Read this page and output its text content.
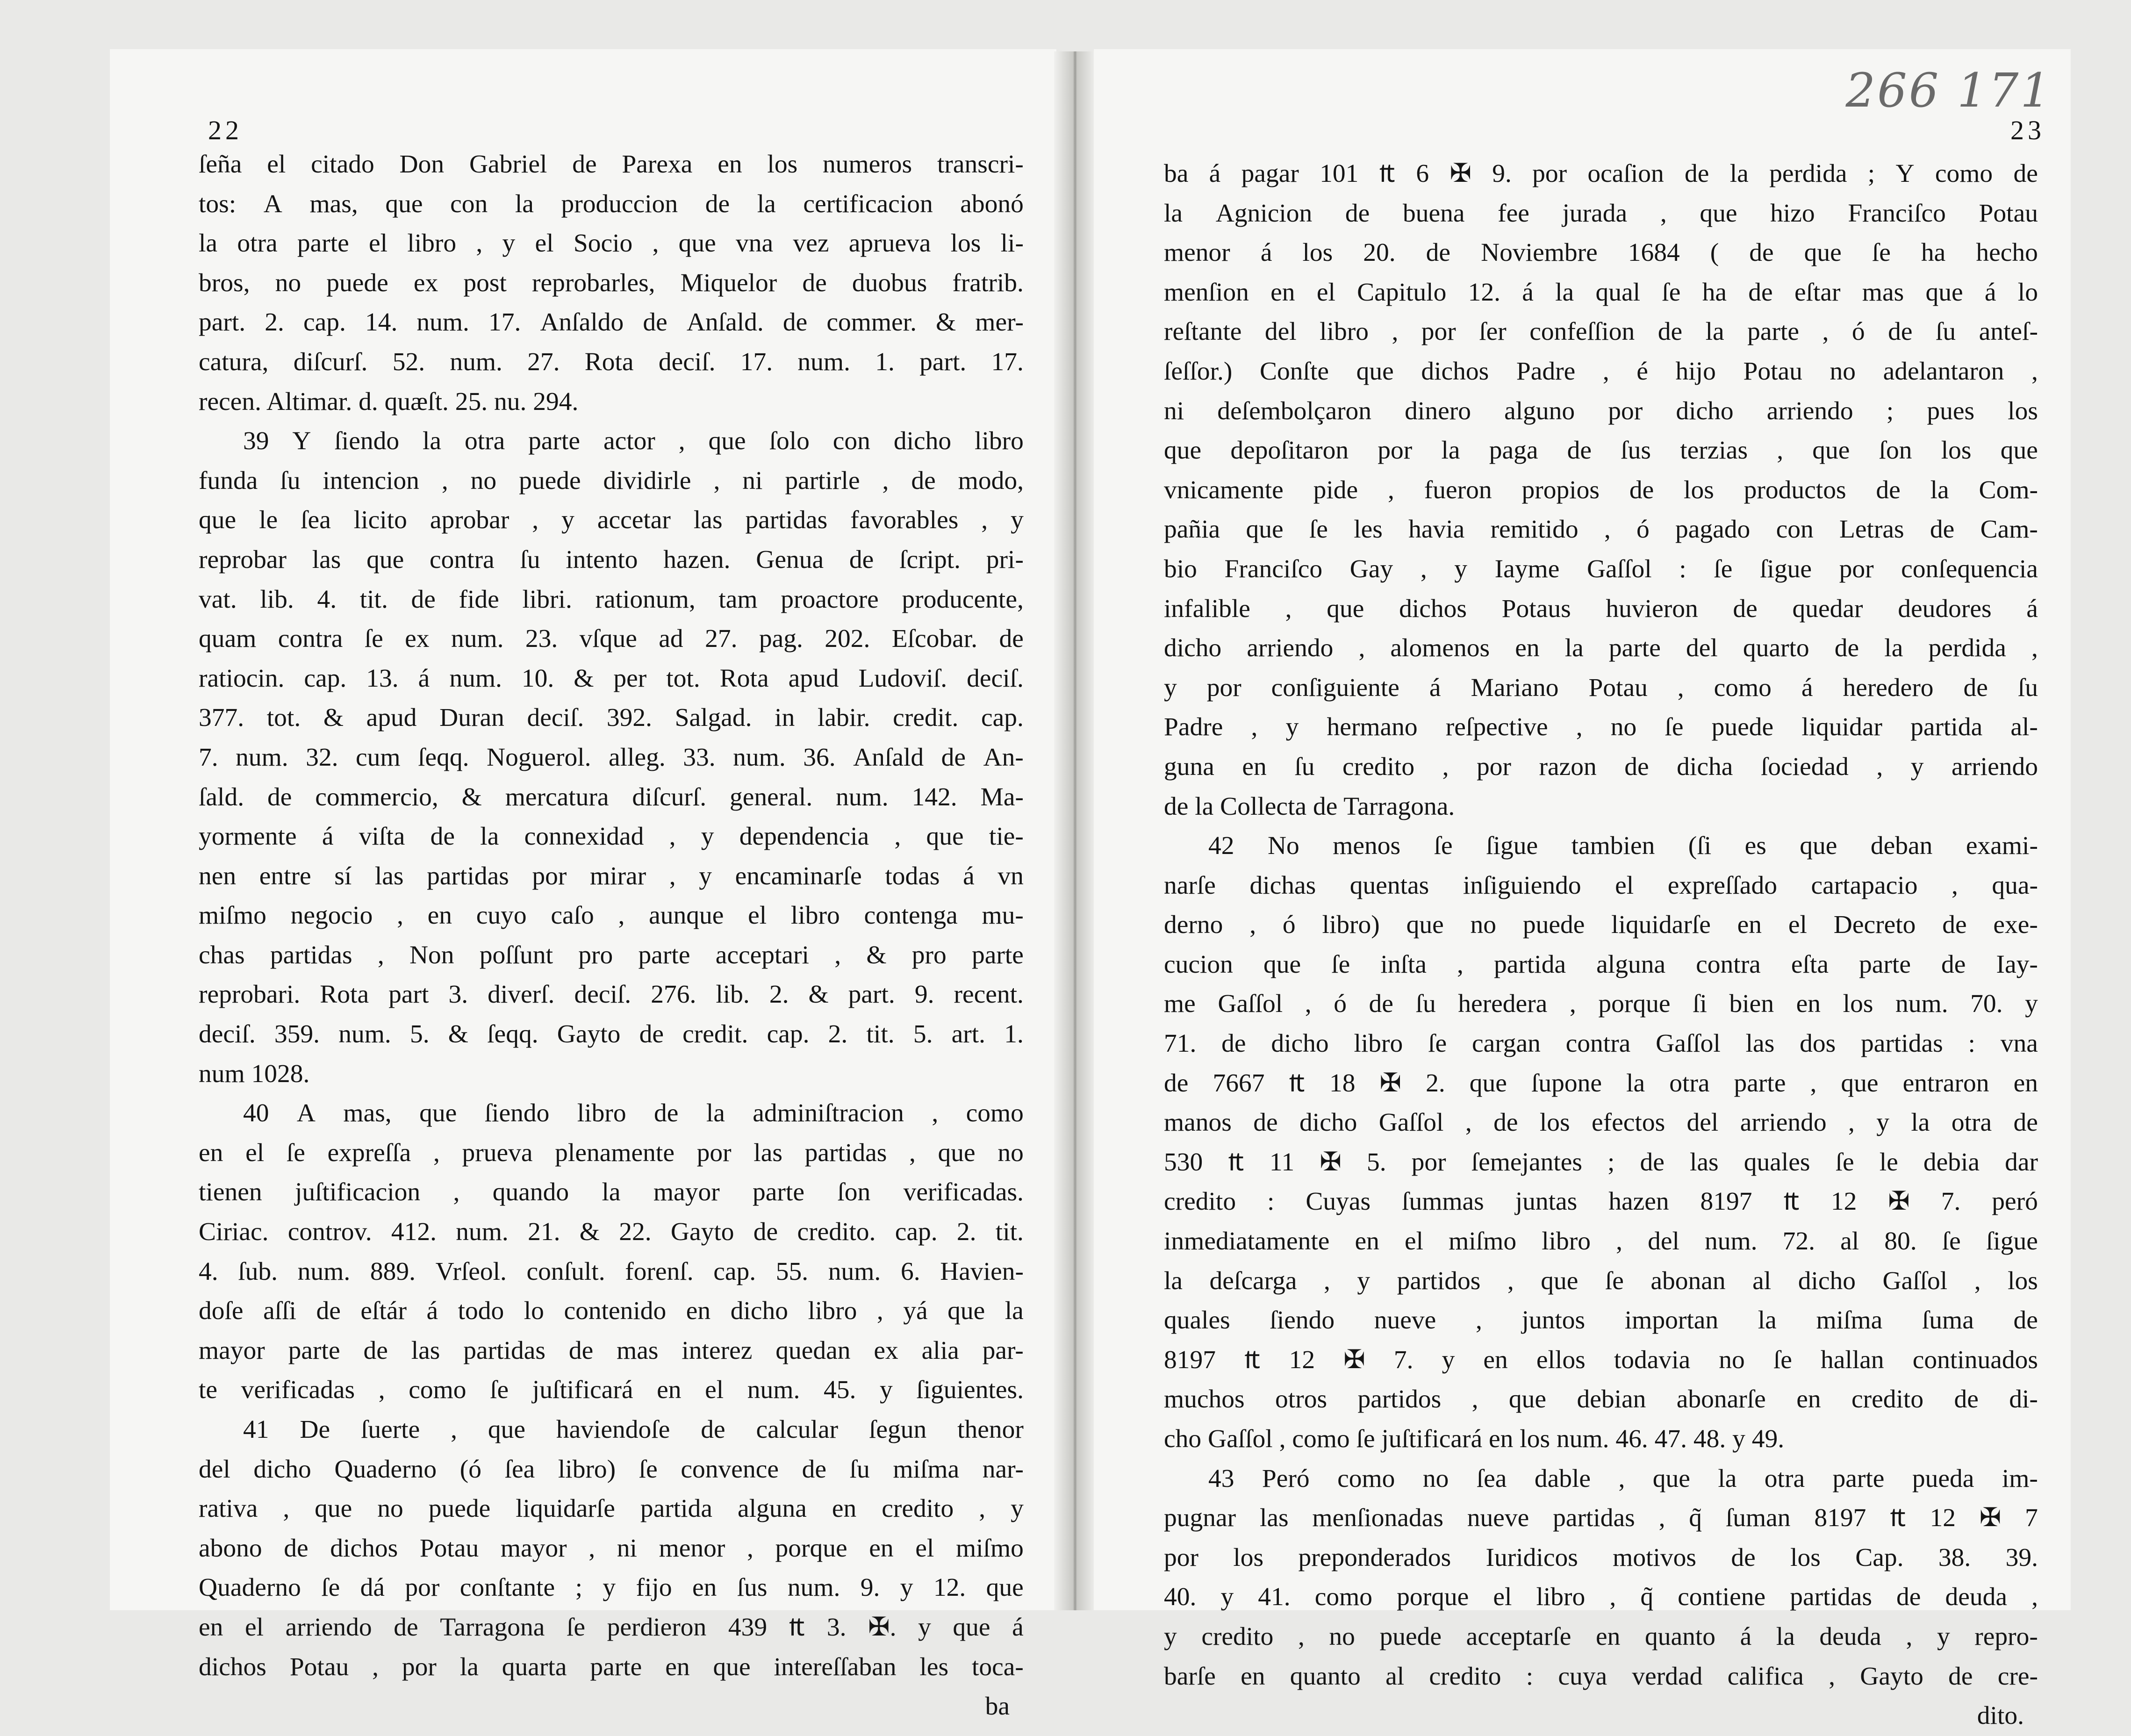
22
ſeña el citado Don Gabriel de Parexa en los numeros transcri-
tos: A mas, que con la produccion de la certificacion abonó
la otra parte el libro , y el Socio , que vna vez aprueva los li-
bros, no puede ex post reprobarles, Miquelor de duobus fratrib.
part. 2. cap. 14. num. 17. Anſaldo de Anſald. de commer. & mer-
catura, diſcurſ. 52. num. 27. Rota deciſ. 17. num. 1. part. 17.
recen. Altimar. d. quæſt. 25. nu. 294.
39 Y ſiendo la otra parte actor , que ſolo con dicho libro
funda ſu intencion , no puede dividirle , ni partirle , de modo,
que le ſea licito aprobar , y accetar las partidas favorables , y
reprobar las que contra ſu intento hazen. Genua de ſcript. pri-
vat. lib. 4. tit. de fide libri. rationum, tam proactore producente,
quam contra ſe ex num. 23. vſque ad 27. pag. 202. Eſcobar. de
ratiocin. cap. 13. á num. 10. & per tot. Rota apud Ludoviſ. deciſ.
377. tot. & apud Duran deciſ. 392. Salgad. in labir. credit. cap.
7. num. 32. cum ſeqq. Noguerol. alleg. 33. num. 36. Anſald de An-
ſald. de commercio, & mercatura diſcurſ. general. num. 142. Ma-
yormente á viſta de la connexidad , y dependencia , que tie-
nen entre sí las partidas por mirar , y encaminarſe todas á vn
miſmo negocio , en cuyo caſo , aunque el libro contenga mu-
chas partidas , Non poſſunt pro parte acceptari , & pro parte
reprobari. Rota part 3. diverſ. deciſ. 276. lib. 2. & part. 9. recent.
deciſ. 359. num. 5. & ſeqq. Gayto de credit. cap. 2. tit. 5. art. 1.
num 1028.
40 A mas, que ſiendo libro de la adminiſtracion , como
en el ſe expreſſa , prueva plenamente por las partidas , que no
tienen juſtificacion , quando la mayor parte ſon verificadas.
Ciriac. controv. 412. num. 21. & 22. Gayto de credito. cap. 2. tit.
4. ſub. num. 889. Vrſeol. conſult. forenſ. cap. 55. num. 6. Havien-
doſe aſſi de eſtár á todo lo contenido en dicho libro , yá que la
mayor parte de las partidas de mas interez quedan ex alia par-
te verificadas , como ſe juſtificará en el num. 45. y ſiguientes.
41 De ſuerte , que haviendoſe de calcular ſegun thenor
del dicho Quaderno (ó ſea libro) ſe convence de ſu miſma nar-
rativa , que no puede liquidarſe partida alguna en credito , y
abono de dichos Potau mayor , ni menor , porque en el miſmo
Quaderno ſe dá por conſtante ; y fijo en ſus num. 9. y 12. que
en el arriendo de Tarragona ſe perdieron 439 ₶ 3. ✠. y que á
dichos Potau , por la quarta parte en que intereſſaban les toca-
ba
266 171
23
ba á pagar 101 ₶ 6 ✠ 9. por ocaſion de la perdida ; Y como de
la Agnicion de buena fee jurada , que hizo Franciſco Potau
menor á los 20. de Noviembre 1684 ( de que ſe ha hecho
menſion en el Capitulo 12. á la qual ſe ha de eſtar mas que á lo
reſtante del libro , por ſer confeſſion de la parte , ó de ſu anteſ-
ſeſſor.) Conſte que dichos Padre , é hijo Potau no adelantaron ,
ni deſembolçaron dinero alguno por dicho arriendo ; pues los
que depoſitaron por la paga de ſus terzias , que ſon los que
vnicamente pide , fueron propios de los productos de la Com-
pañia que ſe les havia remitido , ó pagado con Letras de Cam-
bio Franciſco Gay , y Iayme Gaſſol : ſe ſigue por conſequencia
infalible , que dichos Potaus huvieron de quedar deudores á
dicho arriendo , alomenos en la parte del quarto de la perdida ,
y por conſiguiente á Mariano Potau , como á heredero de ſu
Padre , y hermano reſpective , no ſe puede liquidar partida al-
guna en ſu credito , por razon de dicha ſociedad , y arriendo
de la Collecta de Tarragona.
42 No menos ſe ſigue tambien (ſi es que deban exami-
narſe dichas quentas inſiguiendo el expreſſado cartapacio , qua-
derno , ó libro) que no puede liquidarſe en el Decreto de exe-
cucion que ſe inſta , partida alguna contra eſta parte de Iay-
me Gaſſol , ó de ſu heredera , porque ſi bien en los num. 70. y
71. de dicho libro ſe cargan contra Gaſſol las dos partidas : vna
de 7667 ₶ 18 ✠ 2. que ſupone la otra parte , que entraron en
manos de dicho Gaſſol , de los efectos del arriendo , y la otra de
530 ₶ 11 ✠ 5. por ſemejantes ; de las quales ſe le debia dar
credito : Cuyas ſummas juntas hazen 8197 ₶ 12 ✠ 7. peró
inmediatamente en el miſmo libro , del num. 72. al 80. ſe ſigue
la deſcarga , y partidos , que ſe abonan al dicho Gaſſol , los
quales ſiendo nueve , juntos importan la miſma ſuma de
8197 ₶ 12 ✠ 7. y en ellos todavia no ſe hallan continuados
muchos otros partidos , que debian abonarſe en credito de di-
cho Gaſſol , como ſe juſtificará en los num. 46. 47. 48. y 49.
43 Peró como no ſea dable , que la otra parte pueda im-
pugnar las menſionadas nueve partidas , q̃ ſuman 8197 ₶ 12 ✠ 7
por los preponderados Iuridicos motivos de los Cap. 38. 39.
40. y 41. como porque el libro , q̃ contiene partidas de deuda ,
y credito , no puede acceptarſe en quanto á la deuda , y repro-
barſe en quanto al credito : cuya verdad califica , Gayto de cre-
dito.
